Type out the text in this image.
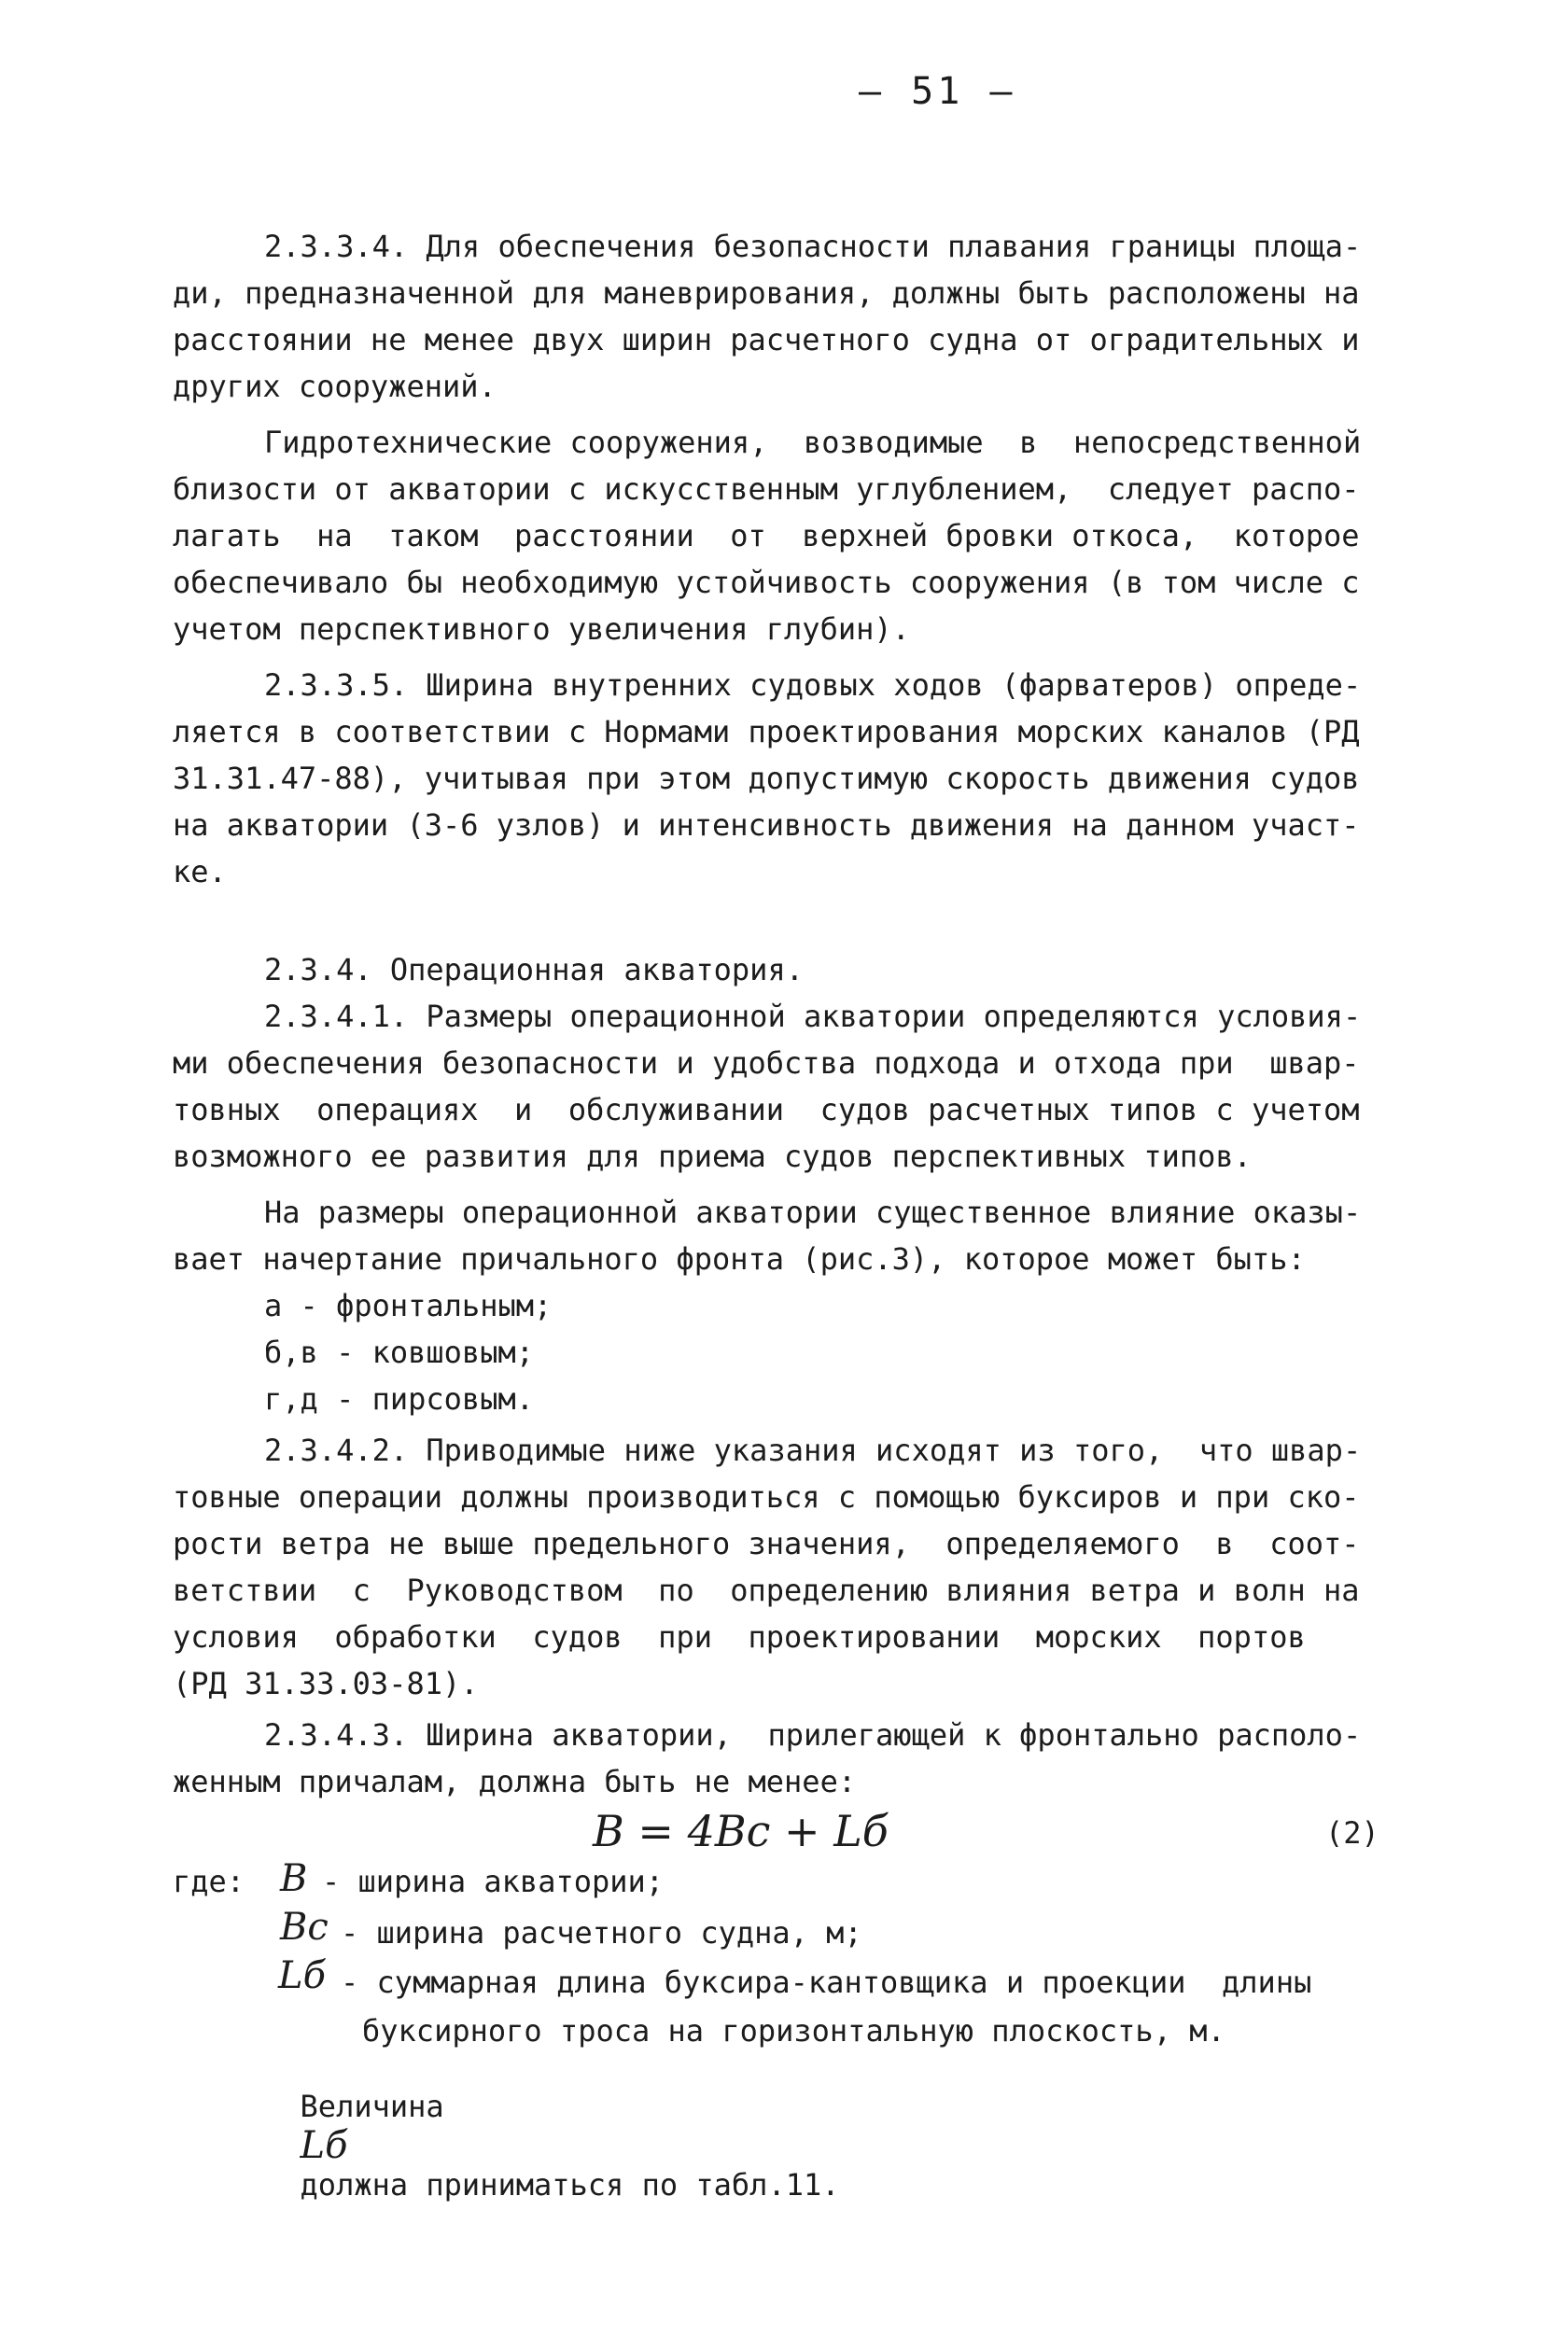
– 51 –
2.3.3.4. Для обеспечения безопасности плавания границы площа-
ди, предназначенной для маневрирования, должны быть расположены на
расстоянии не менее двух ширин расчетного судна от оградительных и
других сооружений.
Гидротехнические сооружения,  возводимые  в  непосредственной
близости от акватории с искусственным углублением,  следует распо-
лагать  на  таком  расстоянии  от  верхней бровки откоса,  которое
обеспечивало бы необходимую устойчивость сооружения (в том числе с
учетом перспективного увеличения глубин).
2.3.3.5. Ширина внутренних судовых ходов (фарватеров) опреде-
ляется в соответствии с Нормами проектирования морских каналов (РД
31.31.47-88), учитывая при этом допустимую скорость движения судов
на акватории (3-6 узлов) и интенсивность движения на данном участ-
ке.
2.3.4. Операционная акватория.
2.3.4.1. Размеры операционной акватории определяются условия-
ми обеспечения безопасности и удобства подхода и отхода при  швар-
товных  операциях  и  обслуживании  судов расчетных типов с учетом
возможного ее развития для приема судов перспективных типов.
На размеры операционной акватории существенное влияние оказы-
вает начертание причального фронта (рис.3), которое может быть:
а - фронтальным;
б,в - ковшовым;
г,д - пирсовым.
2.3.4.2. Приводимые ниже указания исходят из того,  что швар-
товные операции должны производиться с помощью буксиров и при ско-
рости ветра не выше предельного значения,  определяемого  в  соот-
ветствии  с  Руководством  по  определению влияния ветра и волн на
условия  обработки  судов  при  проектировании  морских  портов
(РД 31.33.03-81).
2.3.4.3. Ширина акватории,  прилегающей к фронтально располо-
женным причалам, должна быть не менее:
B = 4Bс + Lб	(2)
где: B - ширина акватории;
Bс - ширина расчетного судна, м;
Lб - суммарная длина буксира-кантовщика и проекции  длины
буксирного троса на горизонтальную плоскость, м.

Величина
Lб
должна приниматься по табл.11.
